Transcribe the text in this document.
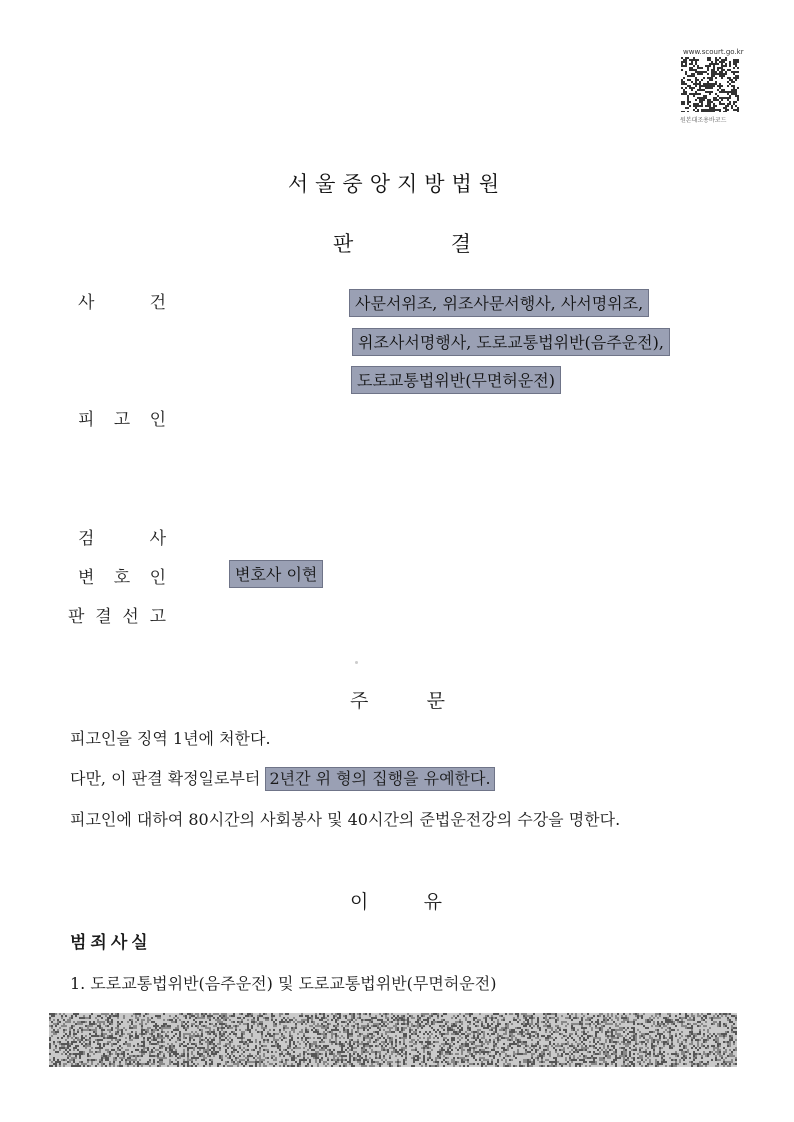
www.scourt.go.kr
원본대조용바코드
서울중앙지방법원
판	결
사	건	사문서위조, 위조사문서행사, 사서명위조,
위조사서명행사, 도로교통법위반(음주운전),
도로교통법위반(무면허운전)
피 고 인
검	사
변 호 인	변호사 이현
판 결 선 고
주	문
피고인을 징역 1년에 처한다.
다만, 이 판결 확정일로부터 2년간 위 형의 집행을 유예한다.
피고인에 대하여 80시간의 사회봉사 및 40시간의 준법운전강의 수강을 명한다.
이	유
범죄사실
1. 도로교통법위반(음주운전) 및 도로교통법위반(무면허운전)
